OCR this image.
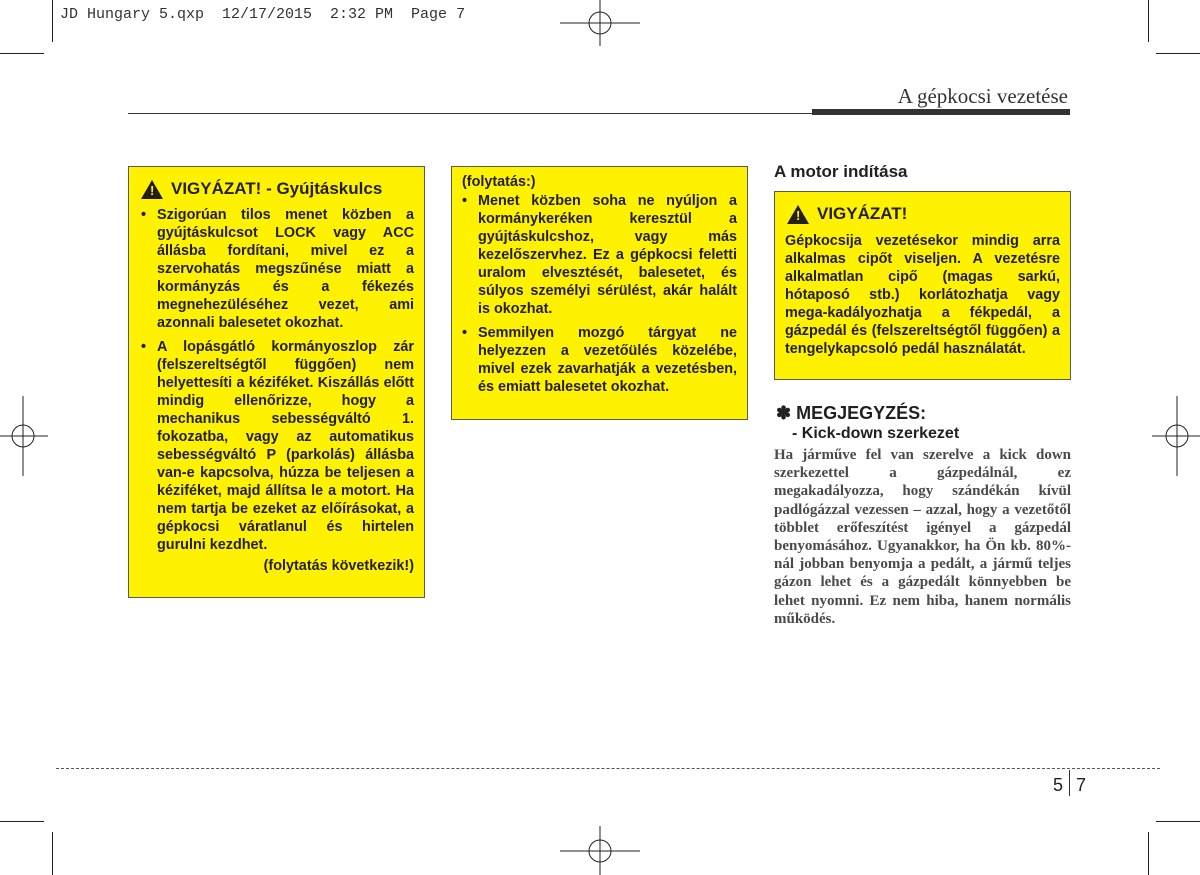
JD Hungary 5.qxp  12/17/2015  2:32 PM  Page 7
A gépkocsi vezetése
! VIGYÁZAT! - Gyújtáskulcs
• Szigorúan tilos menet közben a gyújtáskulcsot LOCK vagy ACC állásba fordítani, mivel ez a szervohatás megszűnése miatt a kormányzás és a fékezés megnehezüléséhez vezet, ami azonnali balesetet okozhat.
• A lopásgátló kormányoszlop zár (felszereltségtől függően) nem helyettesíti a kéziféket. Kiszállás előtt mindig ellenőrizze, hogy a mechanikus sebességváltó 1. fokozatba, vagy az automatikus sebességváltó P (parkolás) állásba van-e kapcsolva, húzza be teljesen a kéziféket, majd állítsa le a motort. Ha nem tartja be ezeket az előírásokat, a gépkocsi váratlanul és hirtelen gurulni kezdhet.
(folytatás következik!)
(folytatás:)
• Menet közben soha ne nyúljon a kormánykeréken keresztül a gyújtáskulcshoz, vagy más kezelőszervhez. Ez a gépkocsi feletti uralom elvesztését, balesetet, és súlyos személyi sérülést, akár halált is okozhat.
• Semmilyen mozgó tárgyat ne helyezzen a vezetőülés közelébe, mivel ezek zavarhatják a vezetésben, és emiatt balesetet okozhat.
A motor indítása
! VIGYÁZAT!
Gépkocsija vezetésekor mindig arra alkalmas cipőt viseljen. A vezetésre alkalmatlan cipő (magas sarkú, hótaposó stb.) korlátozhatja vagy mega-kadályozhatja a fékpedál, a gázpedál és (felszereltségtől függően) a tengelykapcsoló pedál használatát.
✽ MEGJEGYZÉS:
- Kick-down szerkezet
Ha járműve fel van szerelve a kick down szerkezettel a gázpedálnál, ez megakadályozza, hogy szándékán kívül padlógázzal vezessen – azzal, hogy a vezetőtől többlet erőfeszítést igényel a gázpedál benyomásához. Ugyanakkor, ha Ön kb. 80%-nál jobban benyomja a pedált, a jármű teljes gázon lehet és a gázpedált könnyebben be lehet nyomni. Ez nem hiba, hanem normális működés.
5 7
